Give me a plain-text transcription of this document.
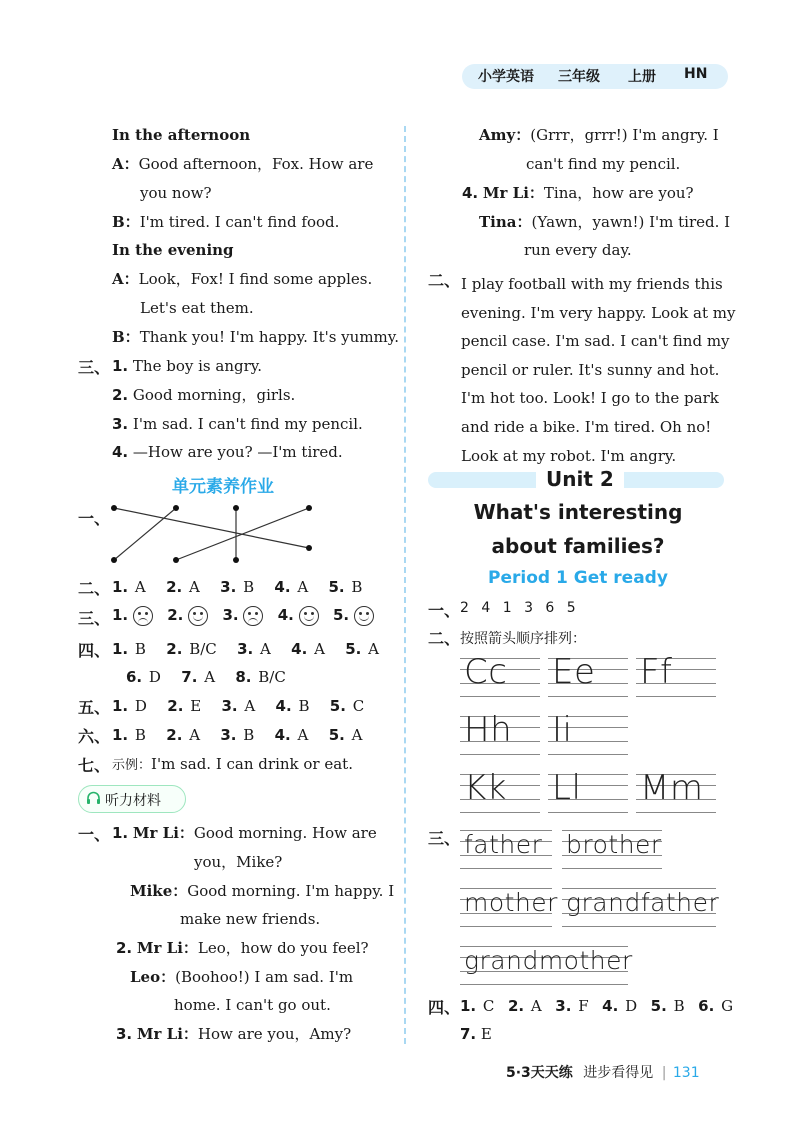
小学英语 三年级 上册 HN
In the afternoon
A：Good afternoon，Fox. How are
you now?
B：I'm tired. I can't find food.
In the evening
A：Look，Fox! I find some apples.
Let's eat them.
B：Thank you! I'm happy. It's yummy.
三、 1. The boy is angry.
2. Good morning，girls.
3. I'm sad. I can't find my pencil.
4. —How are you? —I'm tired.
单元素养作业
一、
二、 1. A 2. A 3. B 4. A 5. B
三、 1.	2.	3.	4.	5.
四、 1. B 2. B/C 3. A 4. A 5. A
6. D 7. A 8. B/C
五、 1. D 2. E 3. A 4. B 5. C
六、 1. B 2. A 3. B 4. A 5. A
七、 示例：I'm sad. I can drink or eat.
听力材料
一、 1. Mr Li：Good morning. How are
you，Mike?
Mike：Good morning. I'm happy. I
make new friends.
2. Mr Li：Leo，how do you feel?
Leo：(Boohoo!) I am sad. I'm
home. I can't go out.
3. Mr Li：How are you，Amy?
Amy：(Grrr，grrr!) I'm angry. I
can't find my pencil.
4. Mr Li：Tina，how are you?
Tina：(Yawn，yawn!) I'm tired. I
run every day.
二、 I play football with my friends this
evening. I'm very happy. Look at my
pencil case. I'm sad. I can't find my
pencil or ruler. It's sunny and hot.
I'm hot too. Look! I go to the park
and ride a bike. I'm tired. Oh no!
Look at my robot. I'm angry.
Unit 2
What's interesting
about families?
Period 1 Get ready
一、 2 4 1 3 6 5
二、 按照箭头顺序排列：
Cc Ee Ff
Hh Ii
Kk Ll Mm
三、 father brother
mother grandfather
grandmother
四、 1. C 2. A 3. F 4. D 5. B 6. G
7. E
5·3天天练 进步看得见 | 131
